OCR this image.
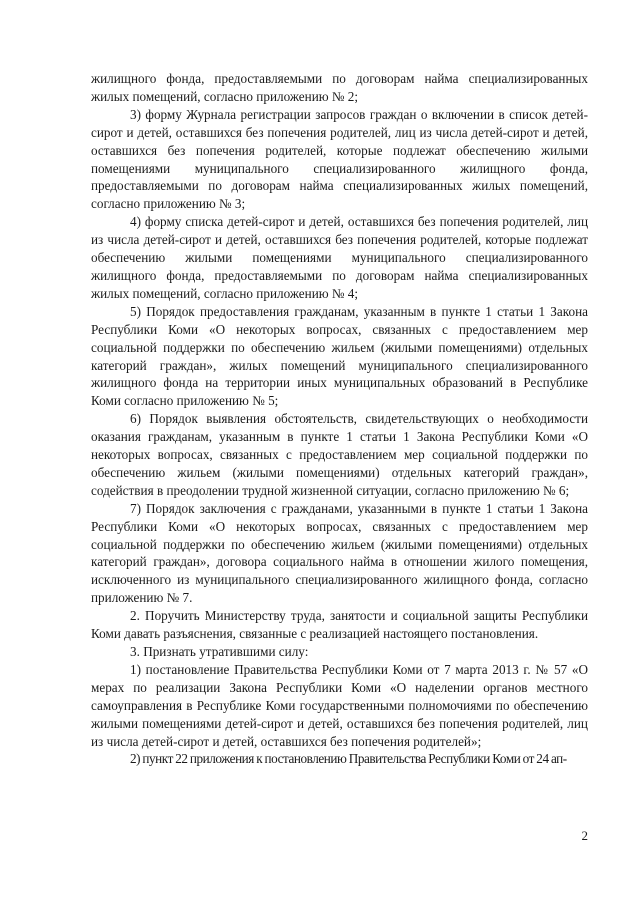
жилищного фонда, предоставляемыми по договорам найма специализированных жилых помещений, согласно приложению № 2;

3) форму Журнала регистрации запросов граждан о включении в список детей-сирот и детей, оставшихся без попечения родителей, лиц из числа детей-сирот и детей, оставшихся без попечения родителей, которые подлежат обеспечению жилыми помещениями муниципального специализированного жилищного фонда, предоставляемыми по договорам найма специализированных жилых помещений, согласно приложению № 3;

4) форму списка детей-сирот и детей, оставшихся без попечения родителей, лиц из числа детей-сирот и детей, оставшихся без попечения родителей, которые подлежат обеспечению жилыми помещениями муниципального специализированного жилищного фонда, предоставляемыми по договорам найма специализированных жилых помещений, согласно приложению № 4;

5) Порядок предоставления гражданам, указанным в пункте 1 статьи 1 Закона Республики Коми «О некоторых вопросах, связанных с предоставлением мер социальной поддержки по обеспечению жильем (жилыми помещениями) отдельных категорий граждан», жилых помещений муниципального специализированного жилищного фонда на территории иных муниципальных образований в Республике Коми согласно приложению № 5;

6) Порядок выявления обстоятельств, свидетельствующих о необходимости оказания гражданам, указанным в пункте 1 статьи 1 Закона Республики Коми «О некоторых вопросах, связанных с предоставлением мер социальной поддержки по обеспечению жильем (жилыми помещениями) отдельных категорий граждан», содействия в преодолении трудной жизненной ситуации, согласно приложению № 6;

7) Порядок заключения с гражданами, указанными в пункте 1 статьи 1 Закона Республики Коми «О некоторых вопросах, связанных с предоставлением мер социальной поддержки по обеспечению жильем (жилыми помещениями) отдельных категорий граждан», договора социального найма в отношении жилого помещения, исключенного из муниципального специализированного жилищного фонда, согласно приложению № 7.

2. Поручить Министерству труда, занятости и социальной защиты Республики Коми давать разъяснения, связанные с реализацией настоящего постановления.

3. Признать утратившими силу:

1) постановление Правительства Республики Коми от 7 марта 2013 г. № 57 «О мерах по реализации Закона Республики Коми «О наделении органов местного самоуправления в Республике Коми государственными полномочиями по обеспечению жилыми помещениями детей-сирот и детей, оставшихся без попечения родителей, лиц из числа детей-сирот и детей, оставшихся без попечения родителей»;

2) пункт 22 приложения к постановлению Правительства Республики Коми от 24 ап-

2
